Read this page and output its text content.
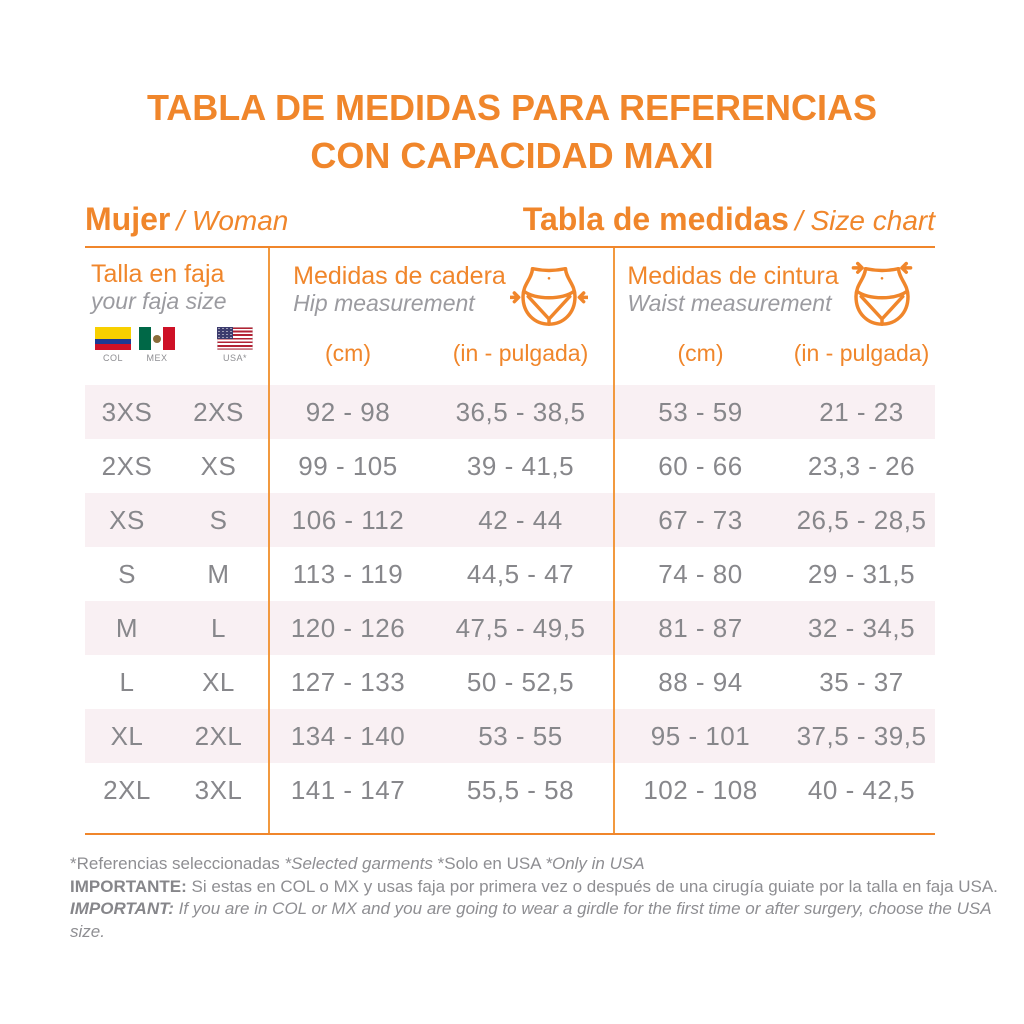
TABLA DE MEDIDAS PARA REFERENCIAS
CON CAPACIDAD MAXI
Mujer / Woman	Tabla de medidas / Size chart
Talla en faja
your faja size
COL	MEX	USA*
Medidas de cadera
Hip measurement
(cm)	(in - pulgada)
Medidas de cintura
Waist measurement
(cm)	(in - pulgada)
3XS	2XS	92 - 98	36,5 - 38,5	53 - 59	21 - 23
2XS	XS	99 - 105	39 - 41,5	60 - 66	23,3 - 26
XS	S	106 - 112	42 - 44	67 - 73	26,5 - 28,5
S	M	113 - 119	44,5 - 47	74 - 80	29 - 31,5
M	L	120 - 126	47,5 - 49,5	81 - 87	32 - 34,5
L	XL	127 - 133	50 - 52,5	88 - 94	35 - 37
XL	2XL	134 - 140	53 - 55	95 - 101	37,5 - 39,5
2XL	3XL	141 - 147	55,5 - 58	102 - 108	40 - 42,5

*Referencias seleccionadas *Selected garments *Solo en USA *Only in USA

IMPORTANTE: Si estas en COL o MX y usas faja por primera vez o después de una cirugía guiate por la talla en faja USA.

IMPORTANT: If you are in COL or MX and you are going to wear a girdle for the first time or after surgery, choose the USA size.
